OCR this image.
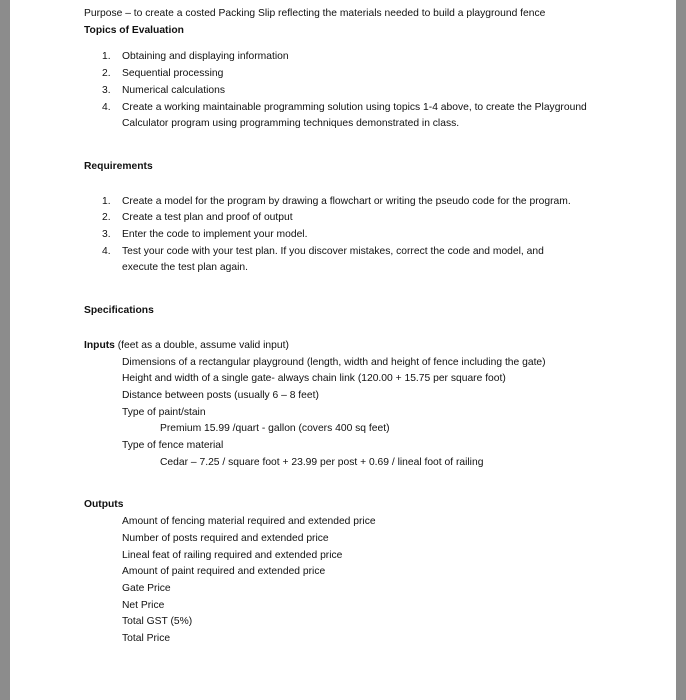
Purpose – to create a costed Packing Slip reflecting the materials needed to build a playground fence
Topics of Evaluation
1. Obtaining and displaying information
2. Sequential processing
3. Numerical calculations
4. Create a working maintainable programming solution using topics 1-4 above, to create the Playground
Calculator program using programming techniques demonstrated in class.
Requirements
1. Create a model for the program by drawing a flowchart or writing the pseudo code for the program.
2. Create a test plan and proof of output
3. Enter the code to implement your model.
4. Test your code with your test plan. If you discover mistakes, correct the code and model, and
execute the test plan again.
Specifications
Inputs (feet as a double, assume valid input)
Dimensions of a rectangular playground (length, width and height of fence including the gate)
Height and width of a single gate- always chain link (120.00 + 15.75 per square foot)
Distance between posts (usually 6 – 8 feet)
Type of paint/stain
Premium 15.99 /quart - gallon (covers 400 sq feet)
Type of fence material
Cedar – 7.25 / square foot + 23.99 per post + 0.69 / lineal foot of railing
Outputs
Amount of fencing material required and extended price
Number of posts required and extended price
Lineal feat of railing required and extended price
Amount of paint required and extended price
Gate Price
Net Price
Total GST (5%)
Total Price
